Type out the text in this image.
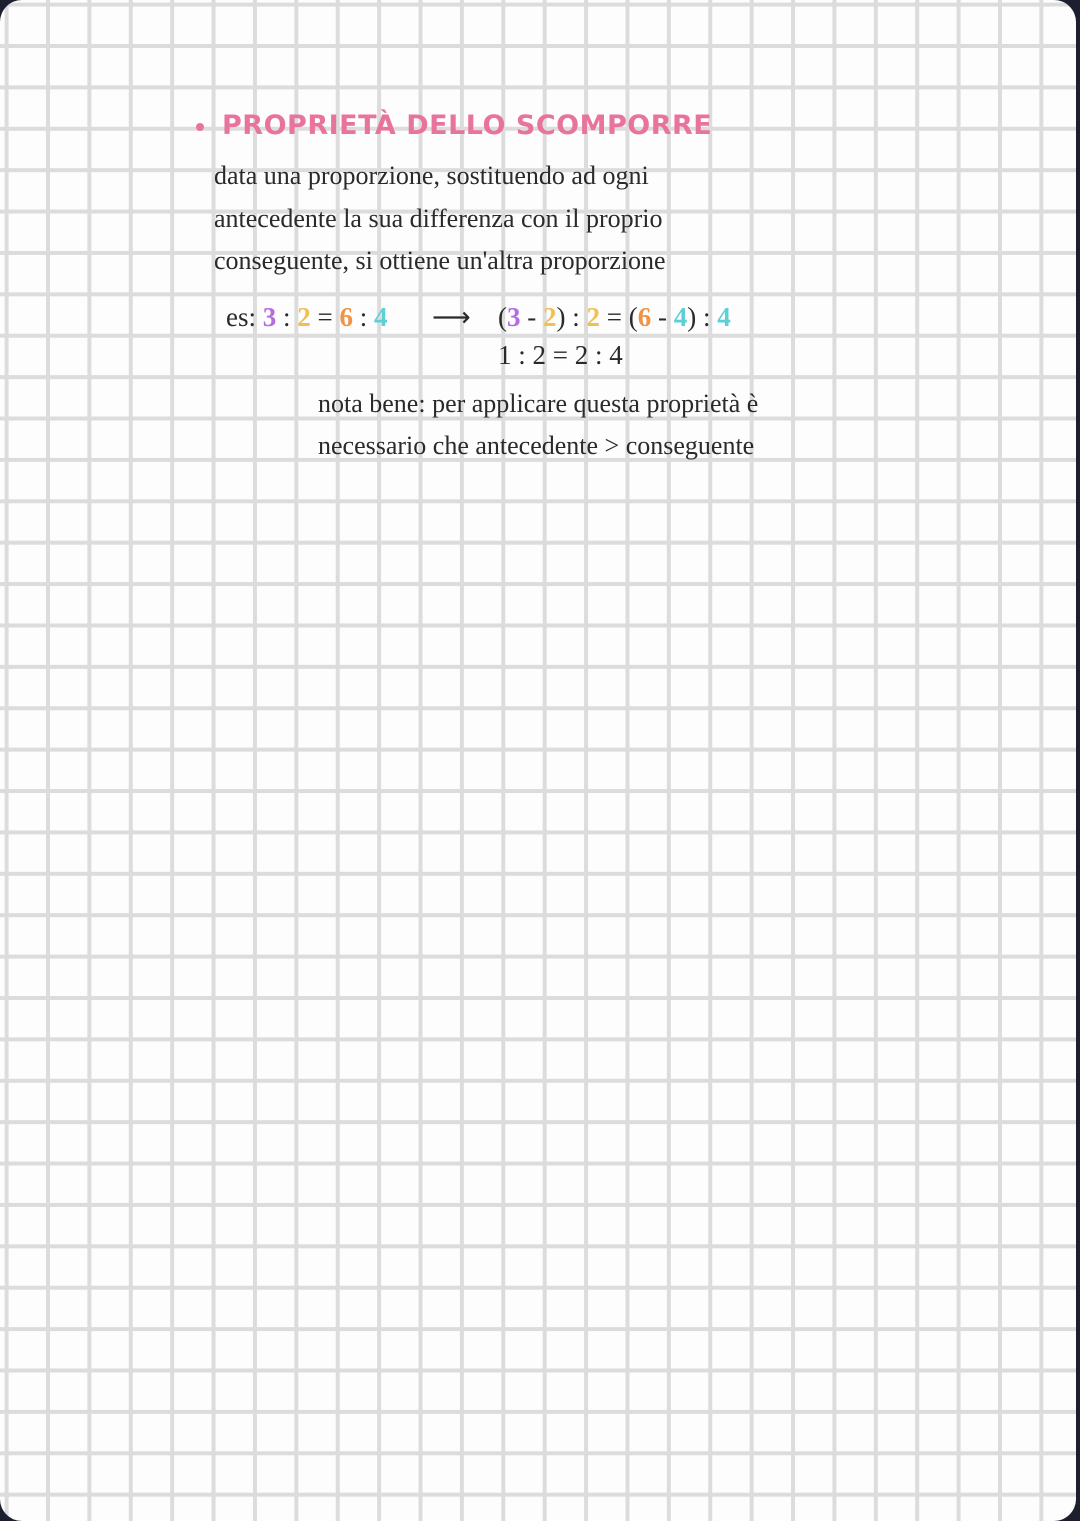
PROPRIETÀ DELLO SCOMPORRE
data una proporzione, sostituendo ad ogni
antecedente la sua differenza con il proprio
conseguente, si ottiene un'altra proporzione
es: 3 : 2 = 6 : 4 ⟶ (3 - 2) : 2 = (6 - 4) : 4
1 : 2 = 2 : 4
nota bene: per applicare questa proprietà è
necessario che antecedente > conseguente
